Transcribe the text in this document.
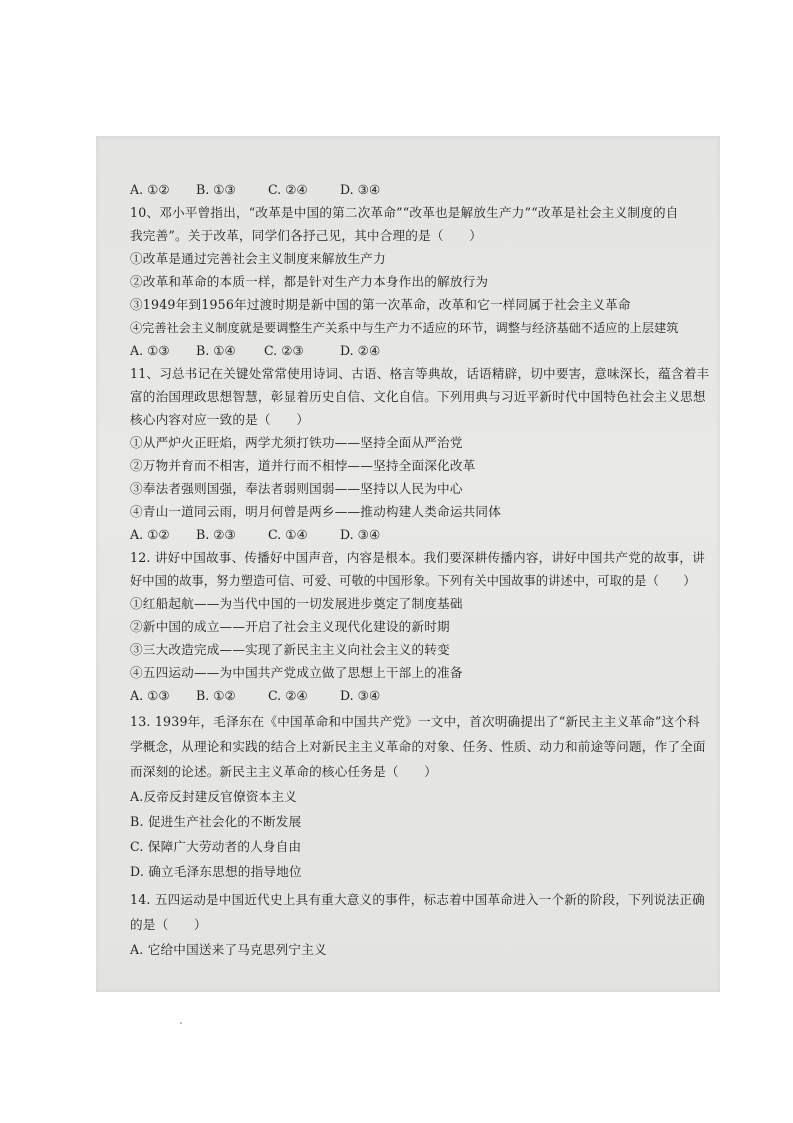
A. ①② B. ①③	C. ②④	D. ③④
10、邓小平曾指出，“改革是中国的第二次革命”“改革也是解放生产力”“改革是社会主义制度的自
我完善”。关于改革，同学们各抒己见，其中合理的是（　　）
①改革是通过完善社会主义制度来解放生产力
②改革和革命的本质一样，都是针对生产力本身作出的解放行为
③1949年到1956年过渡时期是新中国的第一次革命，改革和它一样同属于社会主义革命
④完善社会主义制度就是要调整生产关系中与生产力不适应的环节，调整与经济基础不适应的上层建筑
A. ①③ B. ①④ C. ②③	D. ②④
11、习总书记在关键处常常使用诗词、古语、格言等典故，话语精辟，切中要害，意味深长，蕴含着丰
富的治国理政思想智慧，彰显着历史自信、文化自信。下列用典与习近平新时代中国特色社会主义思想
核心内容对应一致的是（　　）
①从严炉火正旺焰，两学尤须打铁功——坚持全面从严治党
②万物并育而不相害，道并行而不相悖——坚持全面深化改革
③奉法者强则国强，奉法者弱则国弱——坚持以人民为中心
④青山一道同云雨，明月何曾是两乡——推动构建人类命运共同体
A. ①② B. ②③	C. ①④	D. ③④
12. 讲好中国故事、传播好中国声音，内容是根本。我们要深耕传播内容，讲好中国共产党的故事，讲
好中国的故事，努力塑造可信、可爱、可敬的中国形象。下列有关中国故事的讲述中，可取的是（　　）
①红船起航——为当代中国的一切发展进步奠定了制度基础
②新中国的成立——开启了社会主义现代化建设的新时期
③三大改造完成——实现了新民主主义向社会主义的转变
④五四运动——为中国共产党成立做了思想上干部上的准备
A. ①③ B. ①②	C. ②④	D. ③④
13. 1939年，毛泽东在《中国革命和中国共产党》一文中，首次明确提出了“新民主主义革命”这个科
学概念，从理论和实践的结合上对新民主主义革命的对象、任务、性质、动力和前途等问题，作了全面
而深刻的论述。新民主主义革命的核心任务是（　　）
A.反帝反封建反官僚资本主义
B. 促进生产社会化的不断发展
C. 保障广大劳动者的人身自由
D. 确立毛泽东思想的指导地位
14. 五四运动是中国近代史上具有重大意义的事件，标志着中国革命进入一个新的阶段，下列说法正确
的是（　　）
A. 它给中国送来了马克思列宁主义
